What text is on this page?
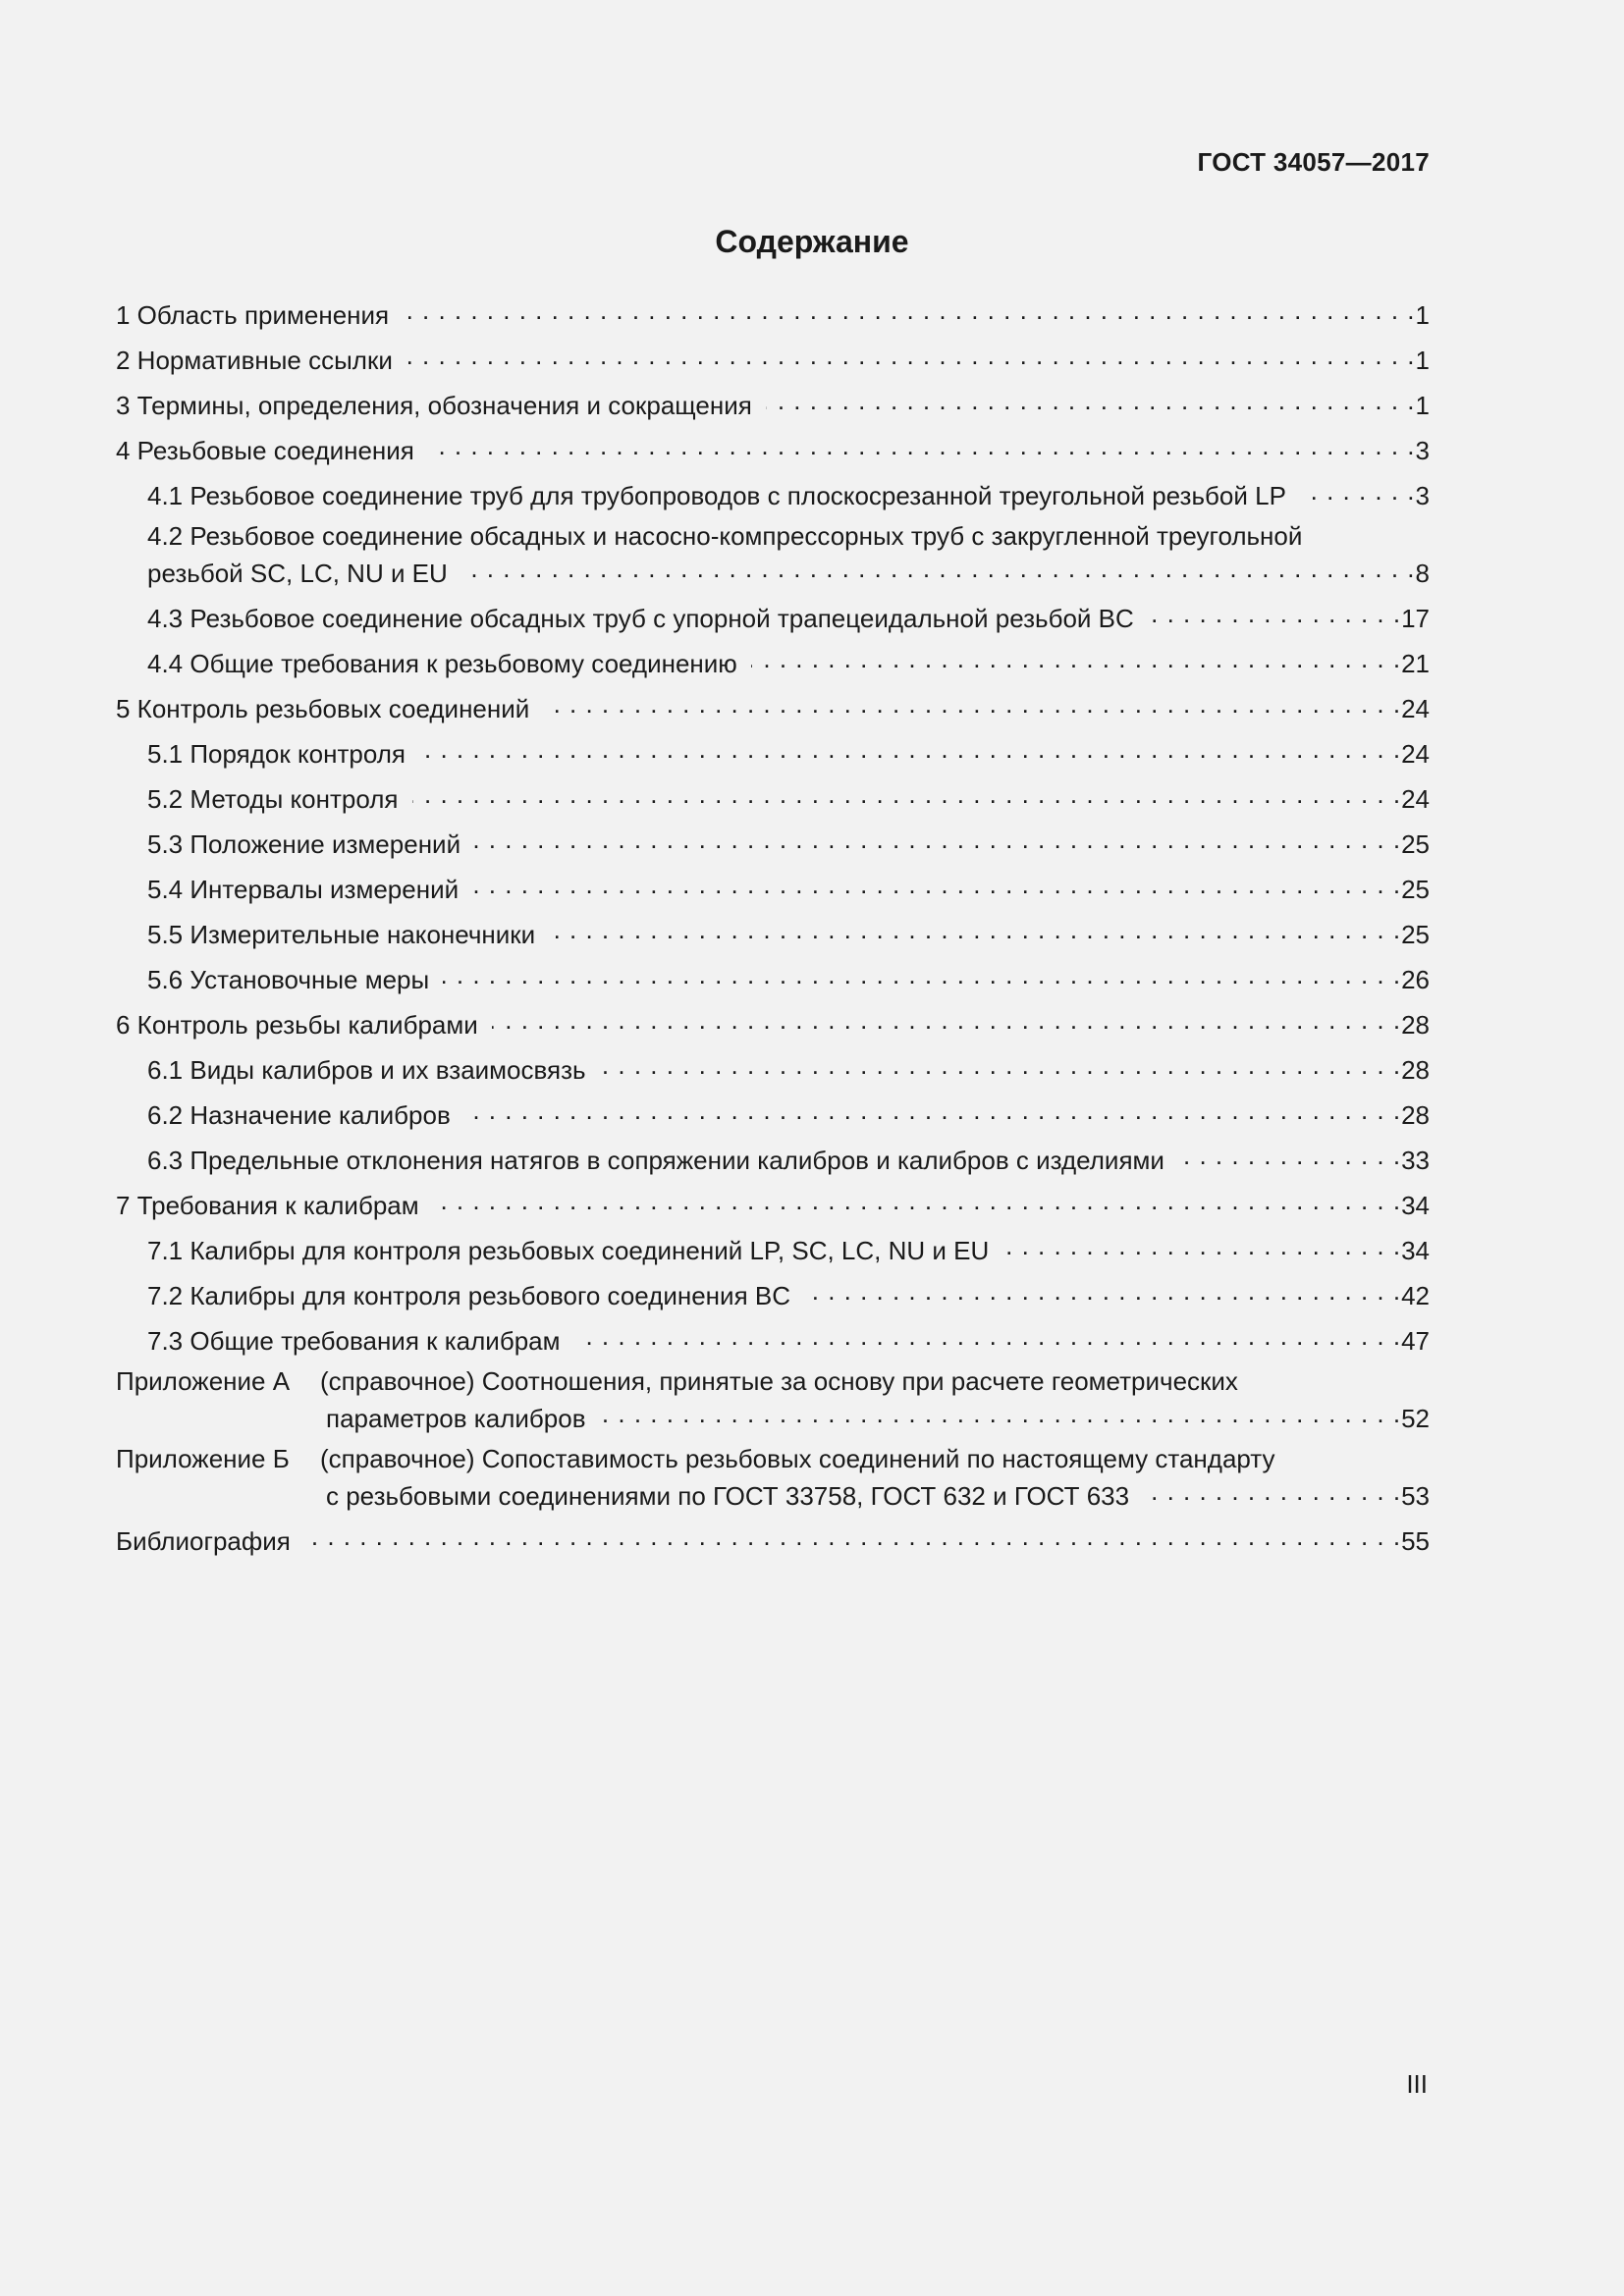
ГОСТ 34057—2017
Содержание
1 Область применения . . .	1
2 Нормативные ссылки . . .	1
3 Термины, определения, обозначения и сокращения . . .	1
4 Резьбовые соединения . . .	3
4.1 Резьбовое соединение труб для трубопроводов с плоскосрезанной треугольной резьбой LP . . .	3
4.2 Резьбовое соединение обсадных и насосно-компрессорных труб с закругленной треугольной
резьбой SC, LC, NU и EU . . .	8
4.3 Резьбовое соединение обсадных труб с упорной трапецеидальной резьбой BC . . .	17
4.4 Общие требования к резьбовому соединению . . .	21
5 Контроль резьбовых соединений . . .	24
5.1 Порядок контроля . . .	24
5.2 Методы контроля . . .	24
5.3 Положение измерений . . .	25
5.4 Интервалы измерений . . .	25
5.5 Измерительные наконечники . . .	25
5.6 Установочные меры . . .	26
6 Контроль резьбы калибрами . . .	28
6.1 Виды калибров и их взаимосвязь . . .	28
6.2 Назначение калибров . . .	28
6.3 Предельные отклонения натягов в сопряжении калибров и калибров с изделиями . . .	33
7 Требования к калибрам . . .	34
7.1 Калибры для контроля резьбовых соединений LP, SC, LC, NU и EU . . .	34
7.2 Калибры для контроля резьбового соединения BC . . .	42
7.3 Общие требования к калибрам . . .	47
Приложение А	(справочное) Соотношения, принятые за основу при расчете геометрических
параметров калибров . . .	52
Приложение Б	(справочное) Сопоставимость резьбовых соединений по настоящему стандарту
с резьбовыми соединениями по ГОСТ 33758, ГОСТ 632 и ГОСТ 633 . . .	53
Библиография . . .	55
III
